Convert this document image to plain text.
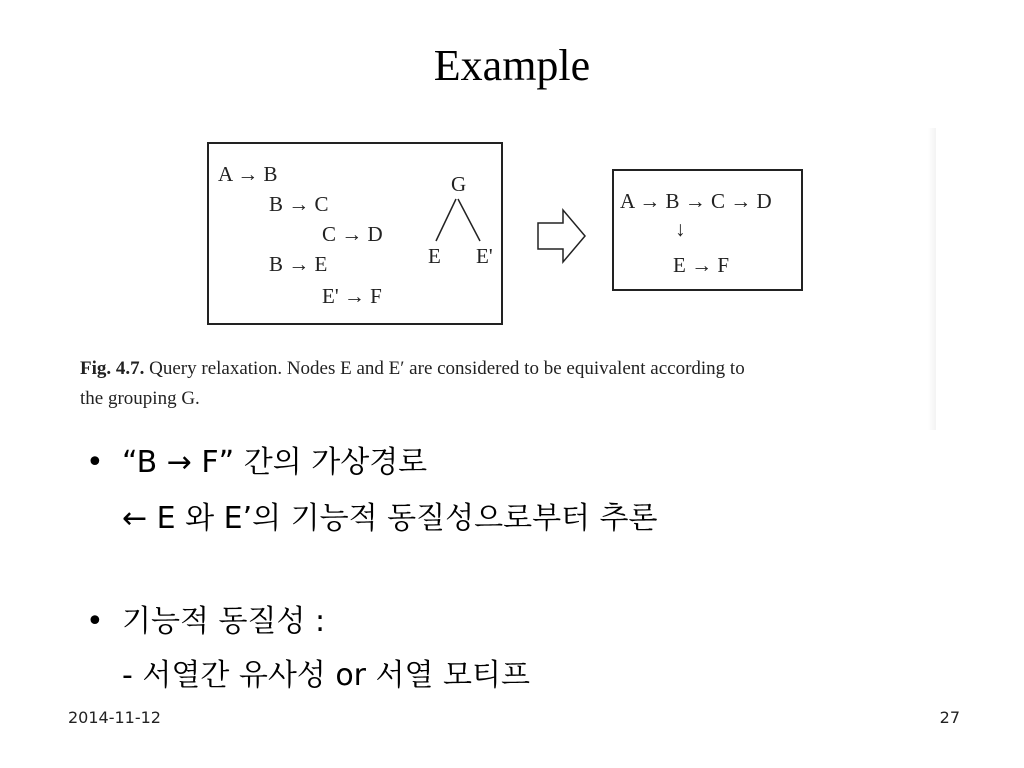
Example
A → B
B → C
C → D
B → E
E' → F
G
E E'
A → B → C → D
↓
E → F
Fig. 4.7. Query relaxation. Nodes E and E′ are considered to be equivalent according to
the grouping G.
• “B → F” 간의 가상경로
← E 와 E’의 기능적 동질성으로부터 추론
• 기능적 동질성 :
- 서열간 유사성 or 서열 모티프
2014-11-12	27
